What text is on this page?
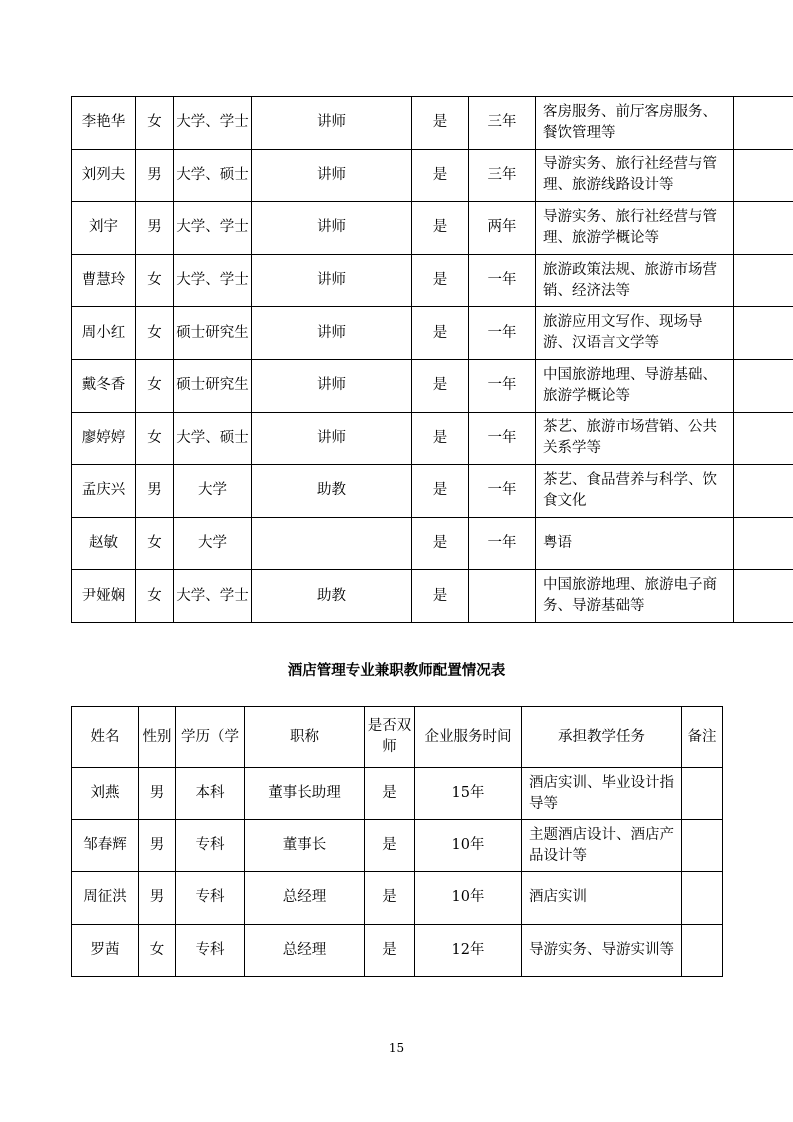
李艳华	女	大学、学士	讲师	是	三年	客房服务、前厅客房服务、餐饮管理等	
刘列夫	男	大学、硕士	讲师	是	三年	导游实务、旅行社经营与管理、旅游线路设计等	
刘宇	男	大学、学士	讲师	是	两年	导游实务、旅行社经营与管理、旅游学概论等	
曹慧玲	女	大学、学士	讲师	是	一年	旅游政策法规、旅游市场营销、经济法等	
周小红	女	硕士研究生	讲师	是	一年	旅游应用文写作、现场导游、汉语言文学等	
戴冬香	女	硕士研究生	讲师	是	一年	中国旅游地理、导游基础、旅游学概论等	
廖婷婷	女	大学、硕士	讲师	是	一年	茶艺、旅游市场营销、公共关系学等	
孟庆兴	男	大学	助教	是	一年	茶艺、食品营养与科学、饮食文化	
赵敏	女	大学		是	一年	粤语	
尹娅娴	女	大学、学士	助教	是		中国旅游地理、旅游电子商务、导游基础等	
酒店管理专业兼职教师配置情况表
姓名	性别	学历（学	职称	是否双师	企业服务时间	承担教学任务	备注
刘燕	男	本科	董事长助理	是	15年	酒店实训、毕业设计指导等	
邹春辉	男	专科	董事长	是	10年	主题酒店设计、酒店产品设计等	
周征洪	男	专科	总经理	是	10年	酒店实训	
罗茜	女	专科	总经理	是	12年	导游实务、导游实训等	
15
